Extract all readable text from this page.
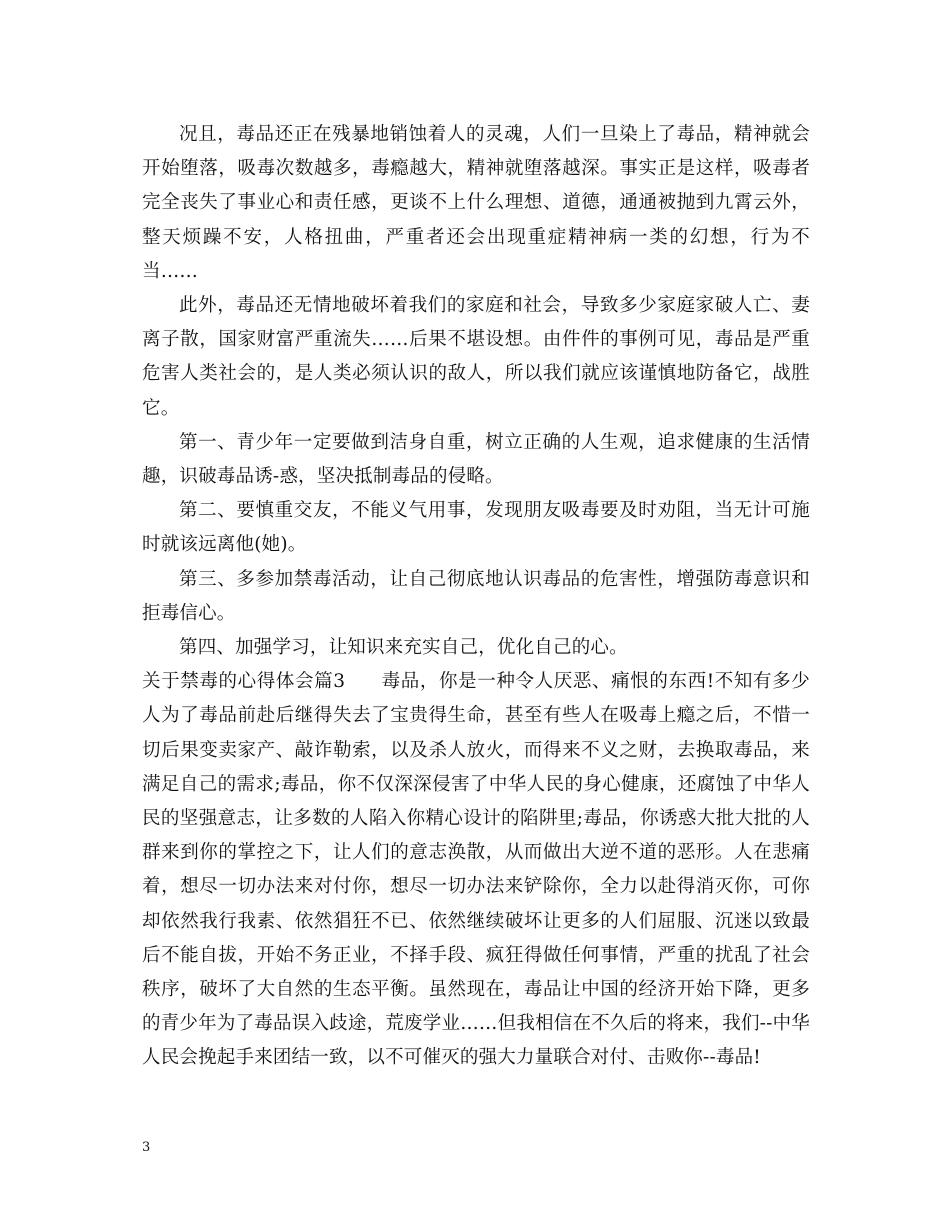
况且，毒品还正在残暴地销蚀着人的灵魂，人们一旦染上了毒品，精神就会开始堕落，吸毒次数越多，毒瘾越大，精神就堕落越深。事实正是这样，吸毒者完全丧失了事业心和责任感，更谈不上什么理想、道德，通通被抛到九霄云外，整天烦躁不安，人格扭曲，严重者还会出现重症精神病一类的幻想，行为不当……

此外，毒品还无情地破坏着我们的家庭和社会，导致多少家庭家破人亡、妻离子散，国家财富严重流失……后果不堪设想。由件件的事例可见，毒品是严重危害人类社会的，是人类必须认识的敌人，所以我们就应该谨慎地防备它，战胜它。

第一、青少年一定要做到洁身自重，树立正确的人生观，追求健康的生活情趣，识破毒品诱-惑，坚决抵制毒品的侵略。

第二、要慎重交友，不能义气用事，发现朋友吸毒要及时劝阻，当无计可施时就该远离他(她)。

第三、多参加禁毒活动，让自己彻底地认识毒品的危害性，增强防毒意识和拒毒信心。

第四、加强学习，让知识来充实自己，优化自己的心。

关于禁毒的心得体会篇3 毒品，你是一种令人厌恶、痛恨的东西!不知有多少人为了毒品前赴后继得失去了宝贵得生命，甚至有些人在吸毒上瘾之后，不惜一切后果变卖家产、敲诈勒索，以及杀人放火，而得来不义之财，去换取毒品，来满足自己的需求;毒品，你不仅深深侵害了中华人民的身心健康，还腐蚀了中华人民的坚强意志，让多数的人陷入你精心设计的陷阱里;毒品，你诱惑大批大批的人群来到你的掌控之下，让人们的意志涣散，从而做出大逆不道的恶形。人在悲痛着，想尽一切办法来对付你，想尽一切办法来铲除你，全力以赴得消灭你，可你却依然我行我素、依然猖狂不已、依然继续破坏让更多的人们屈服、沉迷以致最后不能自拔，开始不务正业，不择手段、疯狂得做任何事情，严重的扰乱了社会秩序，破坏了大自然的生态平衡。虽然现在，毒品让中国的经济开始下降，更多的青少年为了毒品误入歧途，荒废学业……但我相信在不久后的将来，我们--中华人民会挽起手来团结一致，以不可催灭的强大力量联合对付、击败你--毒品!

3
